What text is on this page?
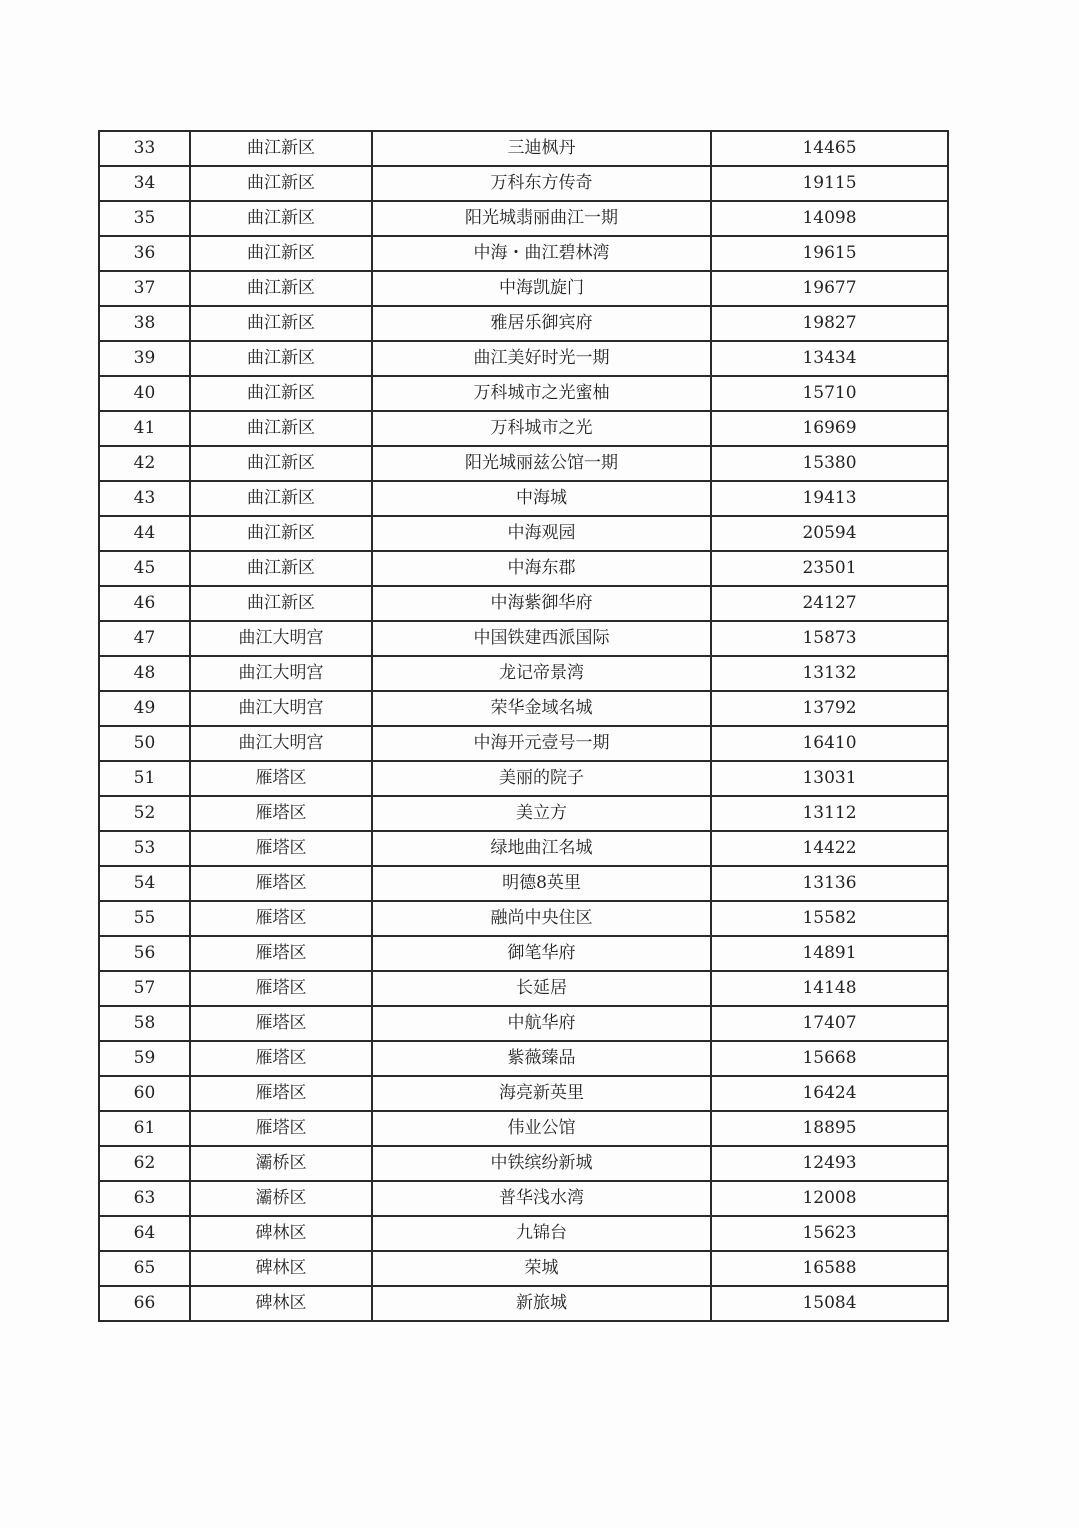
33	曲江新区	三迪枫丹	14465
34	曲江新区	万科东方传奇	19115
35	曲江新区	阳光城翡丽曲江一期	14098
36	曲江新区	中海・曲江碧林湾	19615
37	曲江新区	中海凯旋门	19677
38	曲江新区	雅居乐御宾府	19827
39	曲江新区	曲江美好时光一期	13434
40	曲江新区	万科城市之光蜜柚	15710
41	曲江新区	万科城市之光	16969
42	曲江新区	阳光城丽兹公馆一期	15380
43	曲江新区	中海城	19413
44	曲江新区	中海观园	20594
45	曲江新区	中海东郡	23501
46	曲江新区	中海紫御华府	24127
47	曲江大明宫	中国铁建西派国际	15873
48	曲江大明宫	龙记帝景湾	13132
49	曲江大明宫	荣华金域名城	13792
50	曲江大明宫	中海开元壹号一期	16410
51	雁塔区	美丽的院子	13031
52	雁塔区	美立方	13112
53	雁塔区	绿地曲江名城	14422
54	雁塔区	明德8英里	13136
55	雁塔区	融尚中央住区	15582
56	雁塔区	御笔华府	14891
57	雁塔区	长延居	14148
58	雁塔区	中航华府	17407
59	雁塔区	紫薇臻品	15668
60	雁塔区	海亮新英里	16424
61	雁塔区	伟业公馆	18895
62	灞桥区	中铁缤纷新城	12493
63	灞桥区	普华浅水湾	12008
64	碑林区	九锦台	15623
65	碑林区	荣城	16588
66	碑林区	新旅城	15084
